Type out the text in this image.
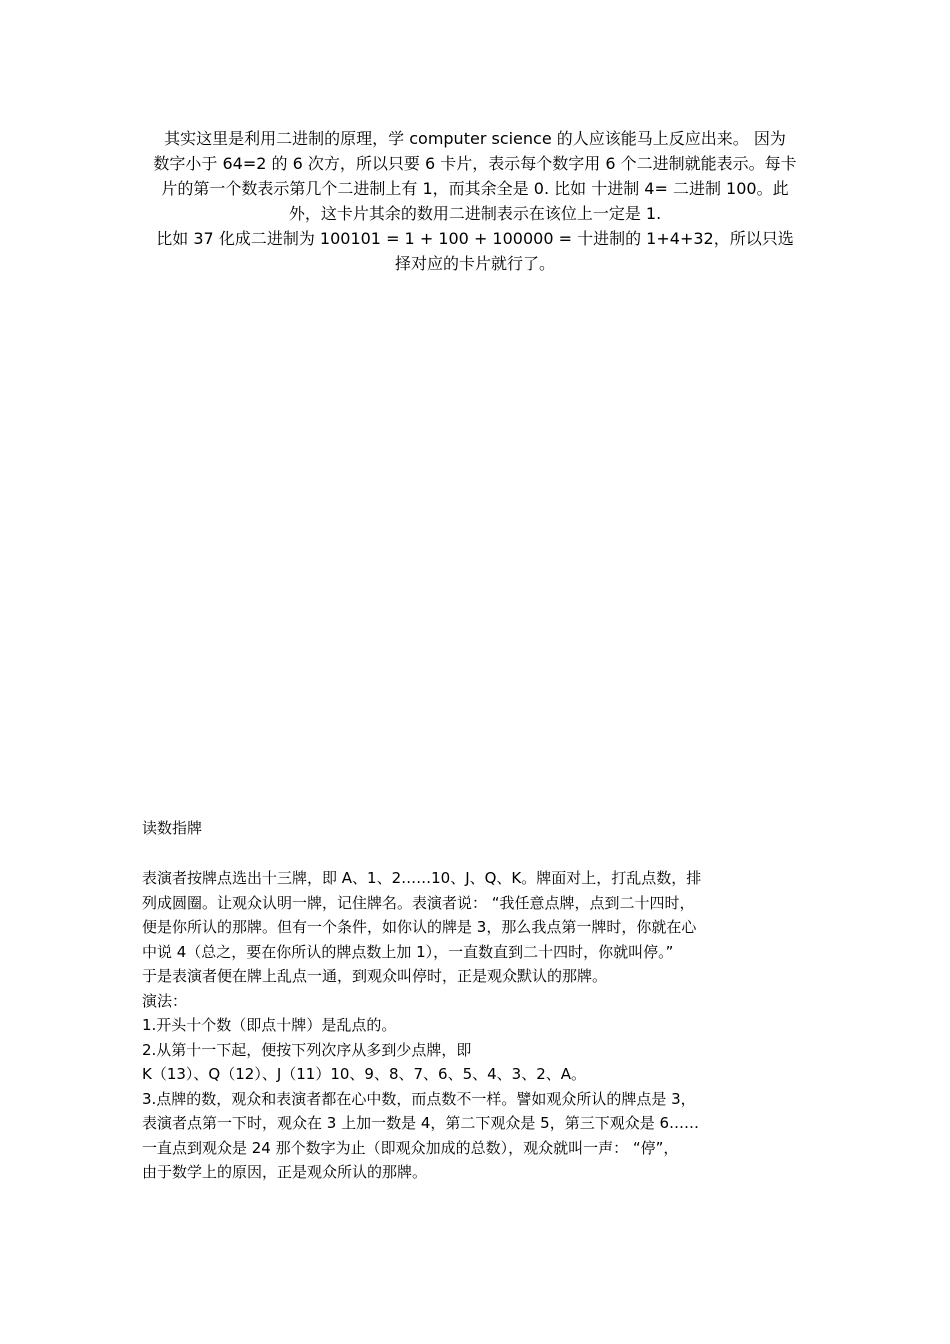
其实这里是利用二进制的原理，学 computer science 的人应该能马上反应出来。 因为

数字小于 64=2 的 6 次方，所以只要 6 卡片，表示每个数字用 6 个二进制就能表示。每卡

片的第一个数表示第几个二进制上有 1，而其余全是 0. 比如 十进制 4= 二进制 100。此

外，这卡片其余的数用二进制表示在该位上一定是 1.

比如 37 化成二进制为 100101 = 1 + 100 + 100000 = 十进制的 1+4+32，所以只选

择对应的卡片就行了。

读数指牌
表演者按牌点选出十三牌，即 A、1、2……10、J、Q、K。牌面对上，打乱点数，排
列成圆圈。让观众认明一牌，记住牌名。表演者说： “我任意点牌，点到二十四时，
便是你所认的那牌。但有一个条件，如你认的牌是 3，那么我点第一牌时，你就在心
中说 4（总之，要在你所认的牌点数上加 1），一直数直到二十四时，你就叫停。”
于是表演者便在牌上乱点一通，到观众叫停时，正是观众默认的那牌。
演法：
1.开头十个数（即点十牌）是乱点的。
2.从第十一下起，便按下列次序从多到少点牌，即
K（13）、Q（12）、J（11）10、9、8、7、6、5、4、3、2、A。
3.点牌的数，观众和表演者都在心中数，而点数不一样。譬如观众所认的牌点是 3，
表演者点第一下时，观众在 3 上加一数是 4，第二下观众是 5，第三下观众是 6……
一直点到观众是 24 那个数字为止（即观众加成的总数），观众就叫一声： “停”，
由于数学上的原因，正是观众所认的那牌。
